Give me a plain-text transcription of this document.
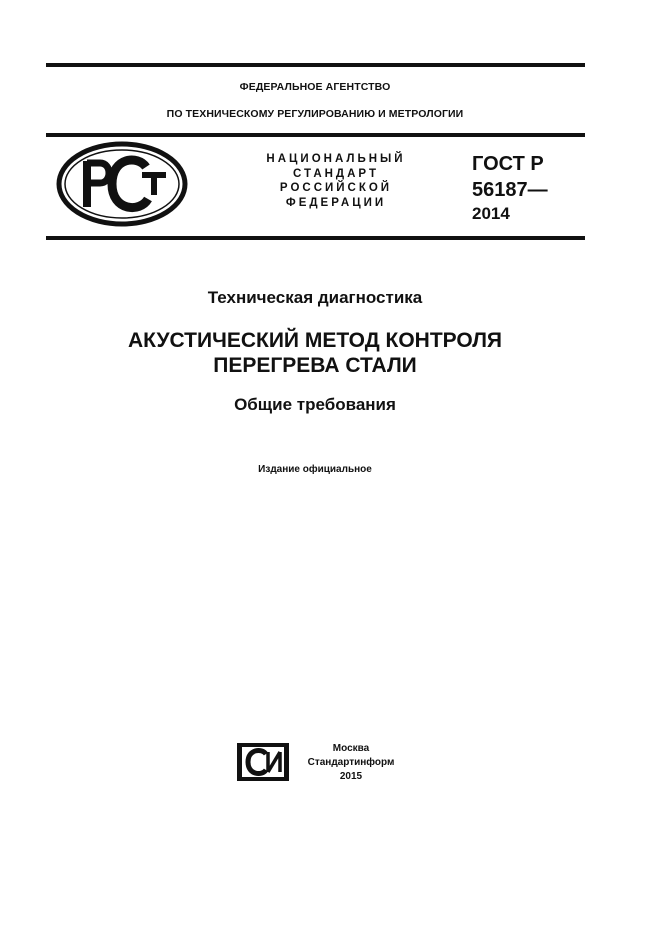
ФЕДЕРАЛЬНОЕ АГЕНТСТВО
ПО ТЕХНИЧЕСКОМУ РЕГУЛИРОВАНИЮ И МЕТРОЛОГИИ
НАЦИОНАЛЬНЫЙ
СТАНДАРТ
РОССИЙСКОЙ
ФЕДЕРАЦИИ
ГОСТ Р
56187—
2014
Техническая диагностика
АКУСТИЧЕСКИЙ МЕТОД КОНТРОЛЯ
ПЕРЕГРЕВА СТАЛИ
Общие требования
Издание официальное
Москва
Стандартинформ
2015
